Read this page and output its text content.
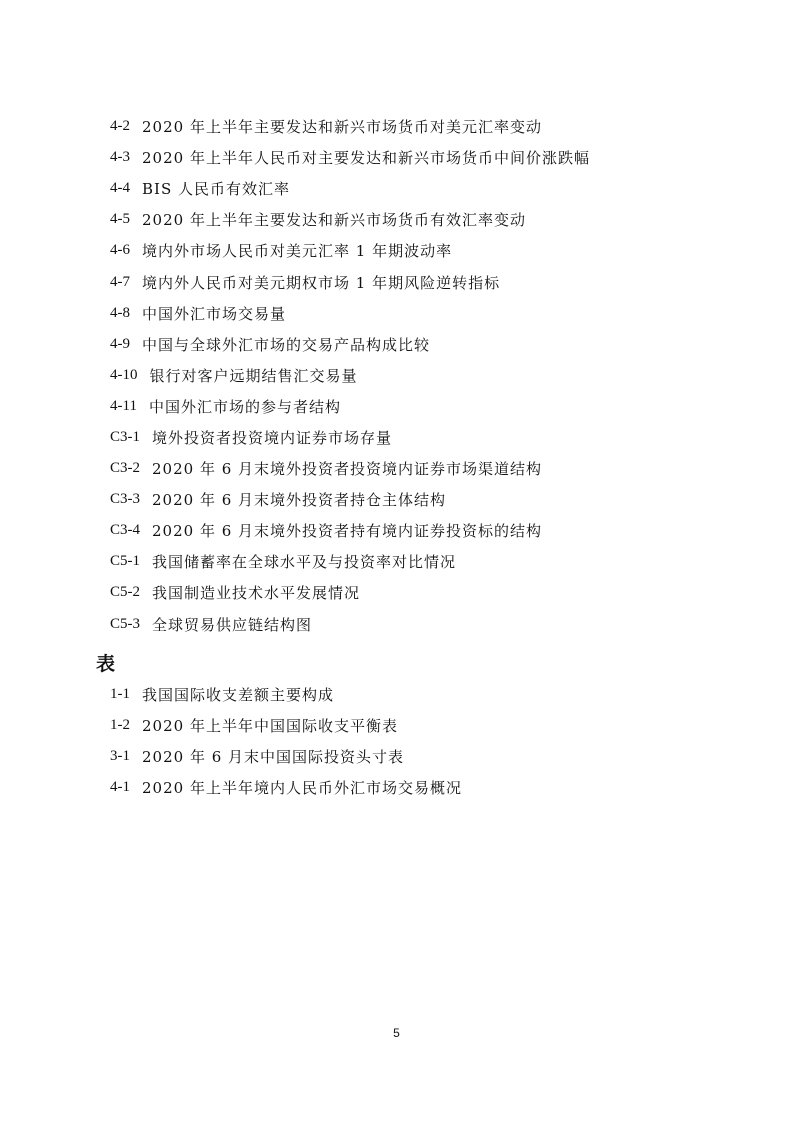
4-2 2020 年上半年主要发达和新兴市场货币对美元汇率变动
4-3 2020 年上半年人民币对主要发达和新兴市场货币中间价涨跌幅
4-4 BIS 人民币有效汇率
4-5 2020 年上半年主要发达和新兴市场货币有效汇率变动
4-6 境内外市场人民币对美元汇率 1 年期波动率
4-7 境内外人民币对美元期权市场 1 年期风险逆转指标
4-8 中国外汇市场交易量
4-9 中国与全球外汇市场的交易产品构成比较
4-10 银行对客户远期结售汇交易量
4-11 中国外汇市场的参与者结构
C3-1 境外投资者投资境内证券市场存量
C3-2 2020 年 6 月末境外投资者投资境内证券市场渠道结构
C3-3 2020 年 6 月末境外投资者持仓主体结构
C3-4 2020 年 6 月末境外投资者持有境内证券投资标的结构
C5-1 我国储蓄率在全球水平及与投资率对比情况
C5-2 我国制造业技术水平发展情况
C5-3 全球贸易供应链结构图
表
1-1 我国国际收支差额主要构成
1-2 2020 年上半年中国国际收支平衡表
3-1 2020 年 6 月末中国国际投资头寸表
4-1 2020 年上半年境内人民币外汇市场交易概况
5
